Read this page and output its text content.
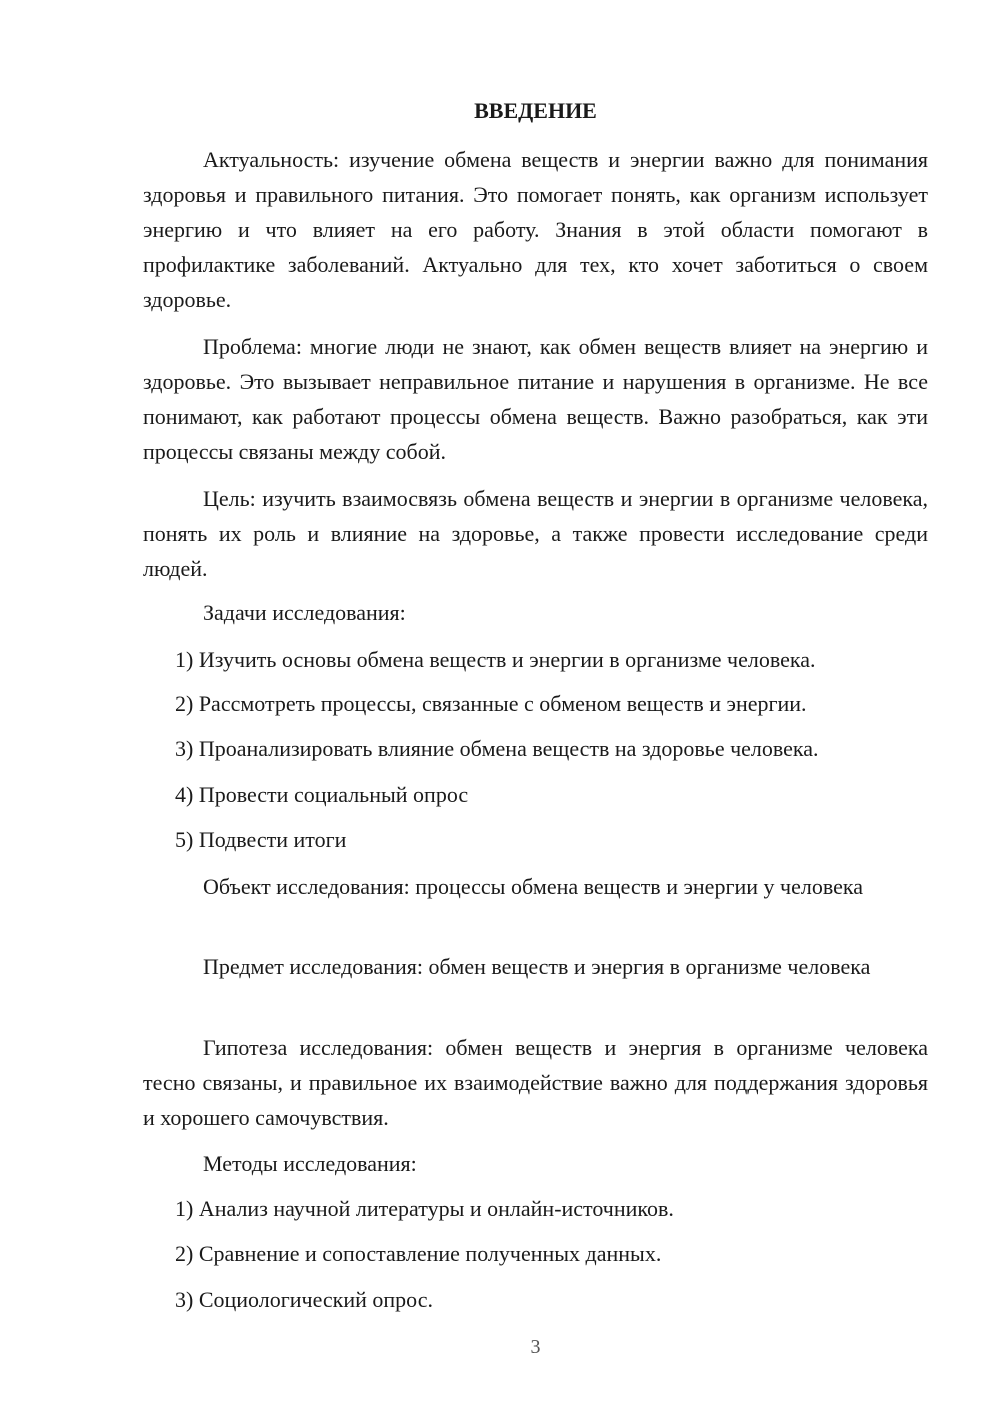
ВВЕДЕНИЕ

Актуальность: изучение обмена веществ и энергии важно для понимания здоровья и правильного питания. Это помогает понять, как организм использует энергию и что влияет на его работу. Знания в этой области помогают в профилактике заболеваний. Актуально для тех, кто хочет заботиться о своем здоровье.

Проблема: многие люди не знают, как обмен веществ влияет на энергию и здоровье. Это вызывает неправильное питание и нарушения в организме. Не все понимают, как работают процессы обмена веществ. Важно разобраться, как эти процессы связаны между собой.

Цель: изучить взаимосвязь обмена веществ и энергии в организме человека, понять их роль и влияние на здоровье, а также провести исследование среди людей.

Задачи исследования:

1) Изучить основы обмена веществ и энергии в организме человека.

2) Рассмотреть процессы, связанные с обменом веществ и энергии.

3) Проанализировать влияние обмена веществ на здоровье человека.

4) Провести социальный опрос

5) Подвести итоги

Объект исследования: процессы обмена веществ и энергии у человека

Предмет исследования: обмен веществ и энергия в организме человека

Гипотеза исследования: обмен веществ и энергия в организме человека тесно связаны, и правильное их взаимодействие важно для поддержания здоровья и хорошего самочувствия.

Методы исследования:

1) Анализ научной литературы и онлайн-источников.

2) Сравнение и сопоставление полученных данных.

3) Социологический опрос.

3
